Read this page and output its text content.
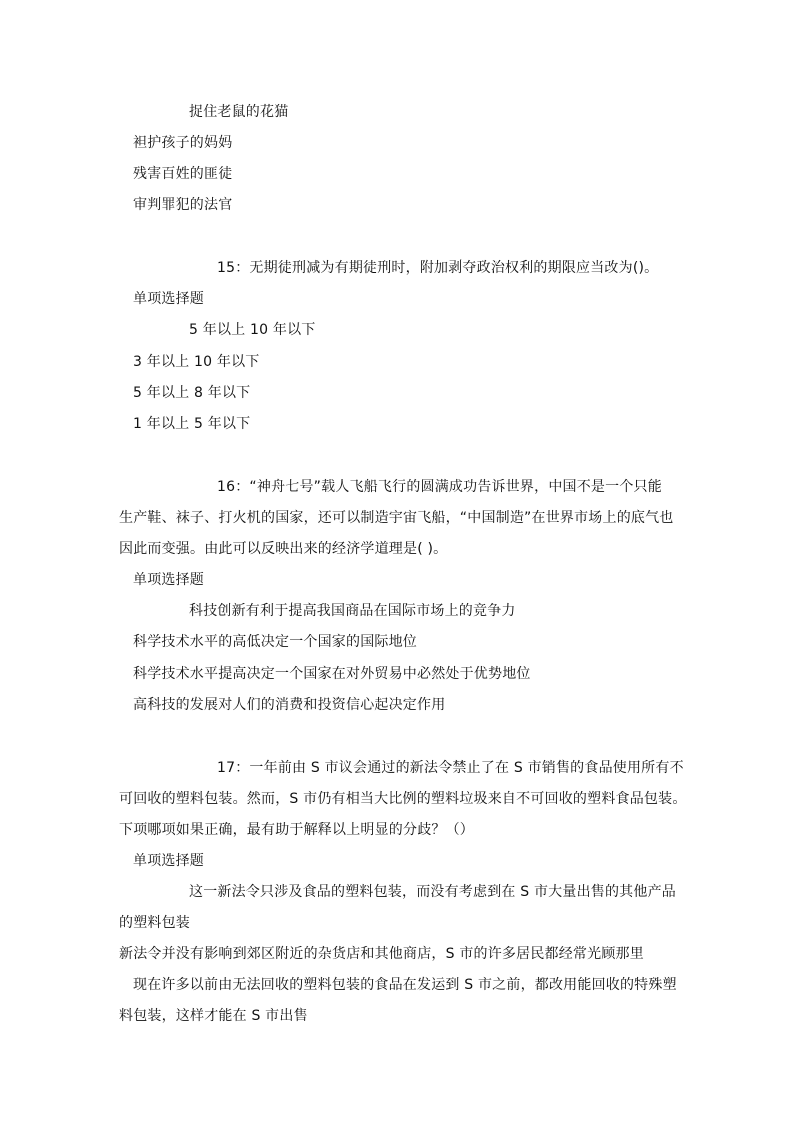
捉住老鼠的花猫
袒护孩子的妈妈
残害百姓的匪徒
审判罪犯的法官
15：无期徒刑减为有期徒刑时，附加剥夺政治权利的期限应当改为()。
单项选择题
5 年以上 10 年以下
3 年以上 10 年以下
5 年以上 8 年以下
1 年以上 5 年以下
16：“神舟七号”载人飞船飞行的圆满成功告诉世界，中国不是一个只能
生产鞋、袜子、打火机的国家，还可以制造宇宙飞船，“中国制造”在世界市场上的底气也
因此而变强。由此可以反映出来的经济学道理是( )。
单项选择题
科技创新有利于提高我国商品在国际市场上的竞争力
科学技术水平的高低决定一个国家的国际地位
科学技术水平提高决定一个国家在对外贸易中必然处于优势地位
高科技的发展对人们的消费和投资信心起决定作用
17：一年前由 S 市议会通过的新法令禁止了在 S 市销售的食品使用所有不
可回收的塑料包装。然而，S 市仍有相当大比例的塑料垃圾来自不可回收的塑料食品包装。
下项哪项如果正确，最有助于解释以上明显的分歧？（）
单项选择题
这一新法令只涉及食品的塑料包装，而没有考虑到在 S 市大量出售的其他产品
的塑料包装
新法令并没有影响到郊区附近的杂货店和其他商店，S 市的许多居民都经常光顾那里
现在许多以前由无法回收的塑料包装的食品在发运到 S 市之前，都改用能回收的特殊塑
料包装，这样才能在 S 市出售
